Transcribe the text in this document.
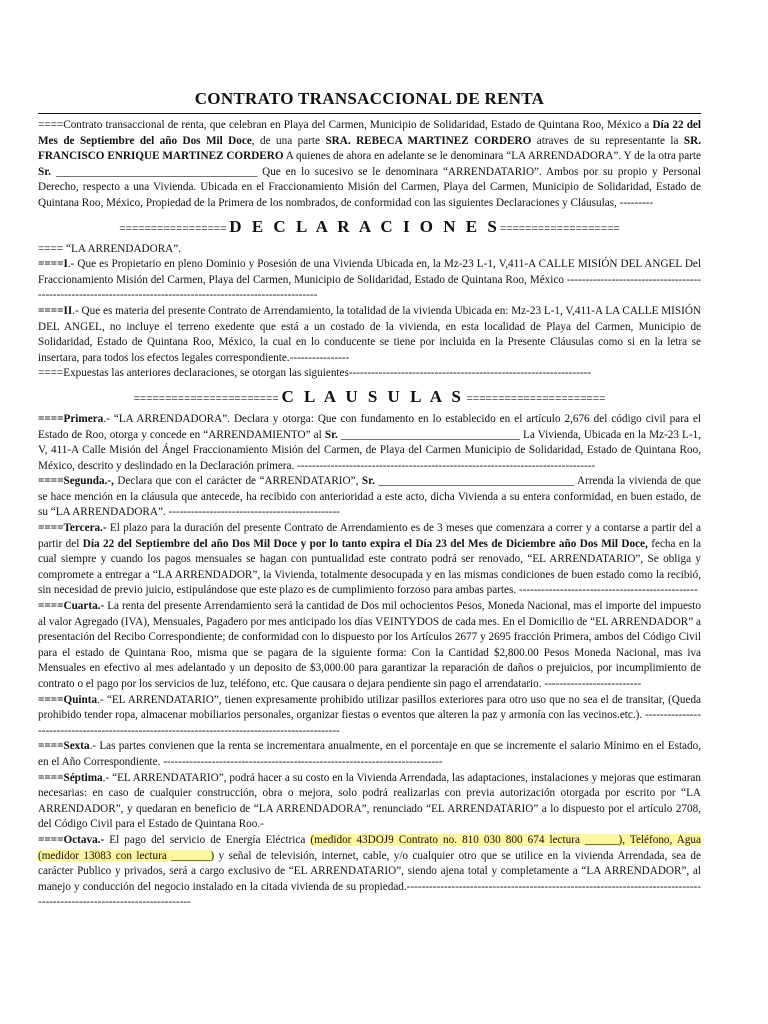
CONTRATO TRANSACCIONAL DE RENTA

====Contrato transaccional de renta, que celebran en Playa del Carmen, Municipio de Solidaridad, Estado de Quintana Roo, México a Día 22 del Mes de Septiembre del año Dos Mil Doce, de una parte SRA. REBECA MARTINEZ CORDERO atraves de su representante la SR. FRANCISCO ENRIQUE MARTINEZ CORDERO A quienes de ahora en adelante se le denominara “LA ARRENDADORA”. Y de la otra parte Sr. ____________________________________ Que en lo sucesivo se le denominara “ARRENDATARIO”. Ambos por su propio y Personal Derecho, respecto a una Vivienda. Ubicada en el Fraccionamiento Misión del Carmen, Playa del Carmen, Municipio de Solidaridad, Estado de Quintana Roo, México, Propiedad de la Primera de los nombrados, de conformidad con las siguientes Declaraciones y Cláusulas, ---------

================= D E C L A R A C I O N E S===================

==== “LA ARRENDADORA”.

====I.- Que es Propietario en pleno Dominio y Posesión de una Vivienda Ubicada en, la Mz-23 L-1, V,411-A CALLE MISIÓN DEL ANGEL Del Fraccionamiento Misión del Carmen, Playa del Carmen, Municipio de Solidaridad, Estado de Quintana Roo, México ---------------------------------------------------------------------------------------------------------------

====II.- Que es materia del presente Contrato de Arrendamiento, la totalidad de la vivienda Ubicada en: Mz-23 L-1, V,411-A LA CALLE MISIÓN DEL ANGEL, no incluye el terreno exedente que está a un costado de la vivienda, en esta localidad de Playa del Carmen, Municipio de Solidaridad, Estado de Quintana Roo, México, la cual en lo conducente se tiene por incluida en la Presente Cláusulas como si en la letra se insertara, para todos los efectos legales correspondiente.----------------

====Expuestas las anteriores declaraciones, se otorgan las siguientes-----------------------------------------------------------------

======================= C L A U S U L A S ======================

====Primera.- “LA ARRENDADORA”. Declara y otorga: Que con fundamento en lo establecido en el artículo 2,676 del código civil para el Estado de Roo, otorga y concede en “ARRENDAMIENTO” al Sr. ________________________________ La Vivienda, Ubicada en la Mz-23 L-1, V, 411-A Calle Misión del Ángel Fraccionamiento Misión del Carmen, de Playa del Carmen Municipio de Solidaridad, Estado de Quintana Roo, México, descrito y deslindado en la Declaración primera. --------------------------------------------------------------------------------

====Segunda.-, Declara que con el carácter de “ARRENDATARIO”, Sr. ___________________________________ Arrenda la vivienda de que se hace mención en la cláusula que antecede, ha recibido con anterioridad a este acto, dicha Vivienda a su entera conformidad, en buen estado, de su “LA ARRENDADORA”. ----------------------------------------------

====Tercera.- El plazo para la duración del presente Contrato de Arrendamiento es de 3 meses que comenzara a correr y a contarse a partir del a partir del Día 22 del Septiembre del año Dos Mil Doce y por lo tanto expira el Día 23 del Mes de Diciembre año Dos Mil Doce, fecha en la cual siempre y cuando los pagos mensuales se hagan con puntualidad este contrato podrá ser renovado, “EL ARRENDATARIO”, Se obliga y compromete a entregar a “LA ARRENDADOR”, la Vivienda, totalmente desocupada y en las mismas condiciones de buen estado como la recibió, sin necesidad de previo juicio, estipulándose que este plazo es de cumplimiento forzoso para ambas partes. ------------------------------------------------

====Cuarta.- La renta del presente Arrendamiento será la cantidad de Dos mil ochocientos Pesos, Moneda Nacional, mas el importe del impuesto al valor Agregado (IVA), Mensuales, Pagadero por mes anticipado los días VEINTYDOS de cada mes. En el Domicilio de “EL ARRENDADOR” a presentación del Recibo Correspondiente; de conformidad con lo dispuesto por los Artículos 2677 y 2695 fracción Primera, ambos del Código Civil para el estado de Quintana Roo, misma que se pagara de la siguiente forma: Con la Cantidad $2,800.00 Pesos Moneda Nacional, mas iva Mensuales en efectivo al mes adelantado y un deposito de $3,000.00 para garantizar la reparación de daños o prejuicios, por incumplimiento de contrato o el pago por los servicios de luz, teléfono, etc. Que causara o dejara pendiente sin pago el arrendatario. --------------------------

====Quinta.- “EL ARRENDATARIO”, tienen expresamente prohibido utilizar pasillos exteriores para otro uso que no sea el de transitar, (Queda prohibido tender ropa, almacenar mobiliarios personales, organizar fiestas o eventos que alteren la paz y armonía con las vecinos.etc.). ------------------------------------------------------------------------------------------------

====Sexta.- Las partes convienen que la renta se incrementara anualmente, en el porcentaje en que se incremente el salario Mínimo en el Estado, en el Año Correspondiente. ---------------------------------------------------------------------------

====Séptima.- “EL ARRENDATARIO”, podrá hacer a su costo en la Vivienda Arrendada, las adaptaciones, instalaciones y mejoras que estimaran necesarias: en caso de cualquier construcción, obra o mejora, solo podrá realizarlas con previa autorización otorgada por escrito por “LA ARRENDADOR”, y quedaran en beneficio de “LA ARRENDADORA”, renunciado “EL ARRENDATARIO” a lo dispuesto por el artículo 2708, del Código Civil para el Estado de Quintana Roo.-

====Octava.- El pago del servicio de Energía Eléctrica (medidor 43DOJ9 Contrato no. 810 030 800 674 lectura ______), Teléfono, Agua (medidor 13083 con lectura _______) y señal de televisión, internet, cable, y/o cualquier otro que se utilice en la vivienda Arrendada, sea de carácter Publico y privados, será a cargo exclusivo de “EL ARRENDATARIO”, siendo ajena total y completamente a “LA ARRENDADOR”, al manejo y conducción del negocio instalado en la citada vivienda de su propiedad.------------------------------------------------------------------------------------------------------------------------
